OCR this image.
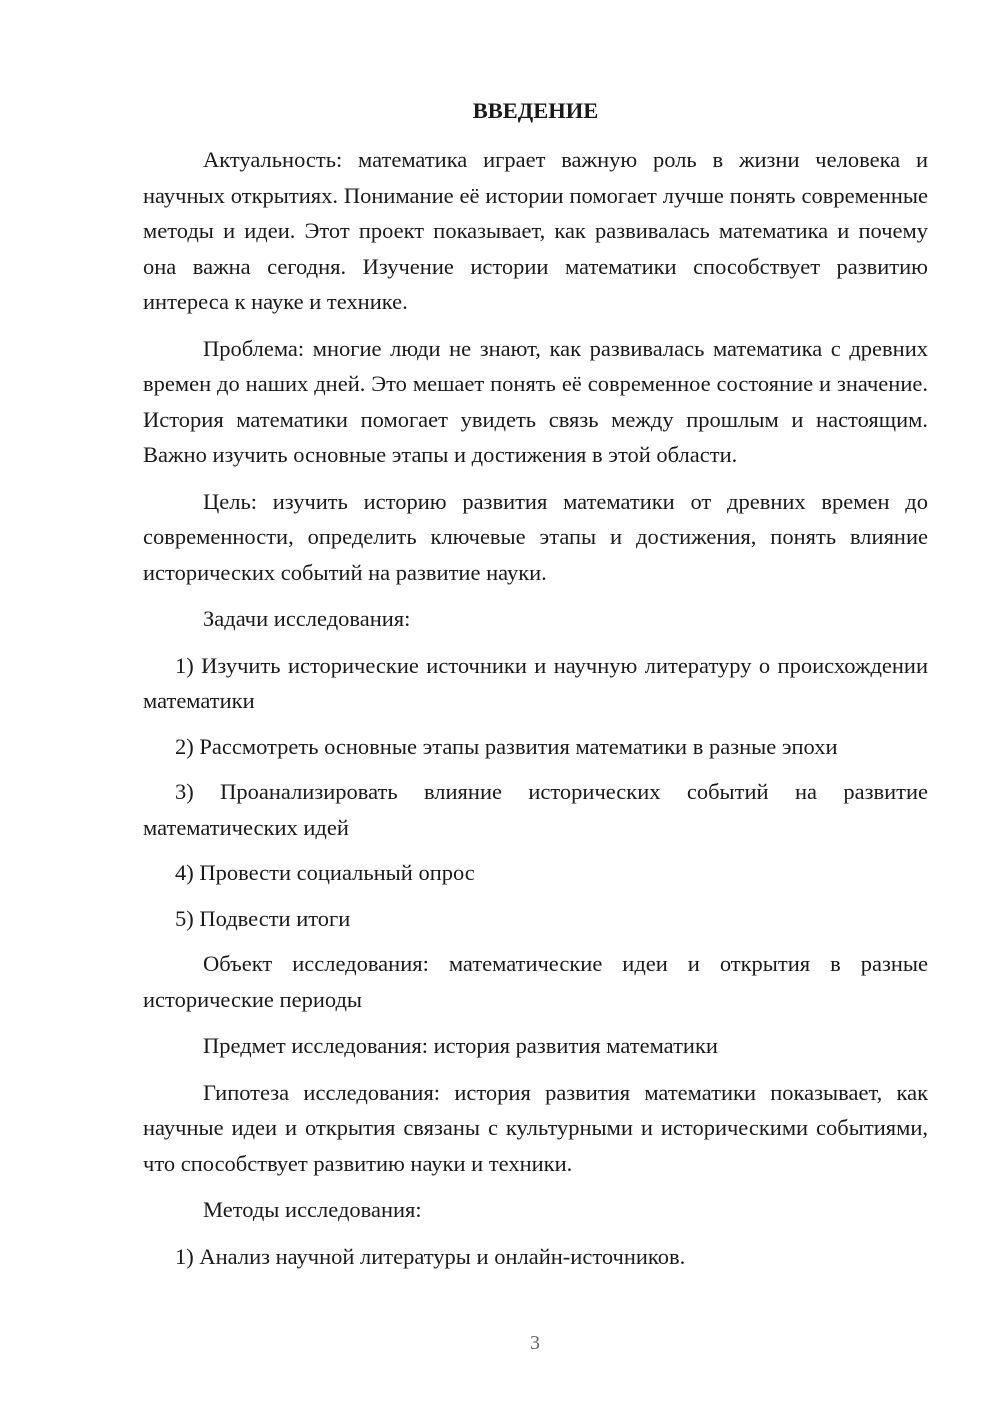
ВВЕДЕНИЕ
Актуальность: математика играет важную роль в жизни человека и научных открытиях. Понимание её истории помогает лучше понять современные методы и идеи. Этот проект показывает, как развивалась математика и почему она важна сегодня. Изучение истории математики способствует развитию интереса к науке и технике.
Проблема: многие люди не знают, как развивалась математика с древних времен до наших дней. Это мешает понять её современное состояние и значение. История математики помогает увидеть связь между прошлым и настоящим. Важно изучить основные этапы и достижения в этой области.
Цель: изучить историю развития математики от древних времен до современности, определить ключевые этапы и достижения, понять влияние исторических событий на развитие науки.
Задачи исследования:
1) Изучить исторические источники и научную литературу о происхождении математики
2) Рассмотреть основные этапы развития математики в разные эпохи
3) Проанализировать влияние исторических событий на развитие математических идей
4) Провести социальный опрос
5) Подвести итоги
Объект исследования: математические идеи и открытия в разные исторические периоды
Предмет исследования: история развития математики
Гипотеза исследования: история развития математики показывает, как научные идеи и открытия связаны с культурными и историческими событиями, что способствует развитию науки и техники.
Методы исследования:
1) Анализ научной литературы и онлайн-источников.
3
